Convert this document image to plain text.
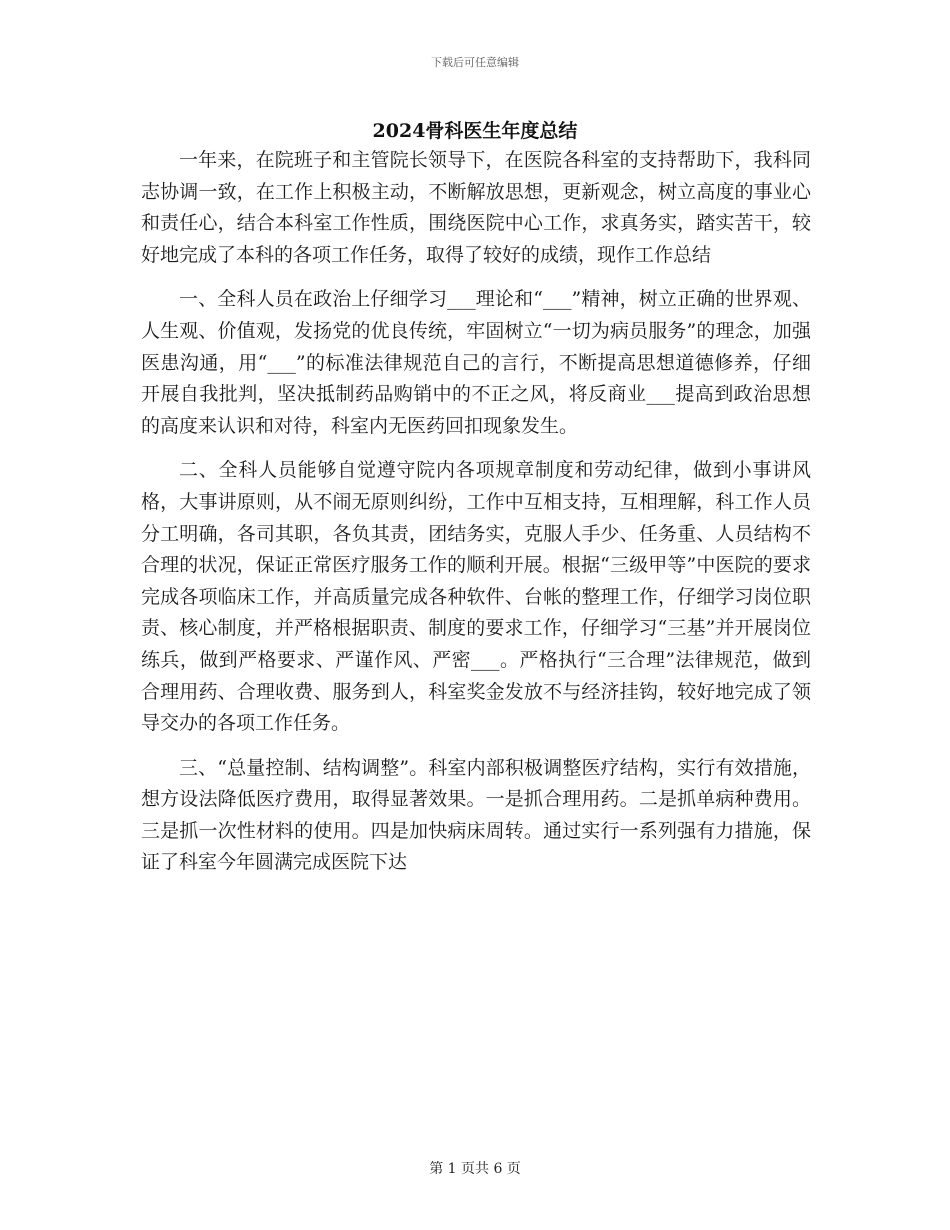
下载后可任意编辑
2024骨科医生年度总结

一年来，在院班子和主管院长领导下，在医院各科室的支持帮助下，我科同志协调一致，在工作上积极主动，不断解放思想，更新观念，树立高度的事业心和责任心，结合本科室工作性质，围绕医院中心工作，求真务实，踏实苦干，较好地完成了本科的各项工作任务，取得了较好的成绩，现作工作总结

一、全科人员在政治上仔细学习___理论和“___”精神，树立正确的世界观、人生观、价值观，发扬党的优良传统，牢固树立“一切为病员服务”的理念，加强医患沟通，用“___”的标准法律规范自己的言行，不断提高思想道德修养，仔细开展自我批判，坚决抵制药品购销中的不正之风，将反商业___提高到政治思想的高度来认识和对待，科室内无医药回扣现象发生。

二、全科人员能够自觉遵守院内各项规章制度和劳动纪律，做到小事讲风格，大事讲原则，从不闹无原则纠纷，工作中互相支持，互相理解，科工作人员分工明确，各司其职，各负其责，团结务实，克服人手少、任务重、人员结构不合理的状况，保证正常医疗服务工作的顺利开展。根据“三级甲等”中医院的要求完成各项临床工作，并高质量完成各种软件、台帐的整理工作，仔细学习岗位职责、核心制度，并严格根据职责、制度的要求工作，仔细学习“三基”并开展岗位练兵，做到严格要求、严谨作风、严密___。严格执行“三合理”法律规范，做到合理用药、合理收费、服务到人，科室奖金发放不与经济挂钩，较好地完成了领导交办的各项工作任务。

三、“总量控制、结构调整”。科室内部积极调整医疗结构，实行有效措施，想方设法降低医疗费用，取得显著效果。一是抓合理用药。二是抓单病种费用。三是抓一次性材料的使用。四是加快病床周转。通过实行一系列强有力措施，保证了科室今年圆满完成医院下达

第 1 页共 6 页
